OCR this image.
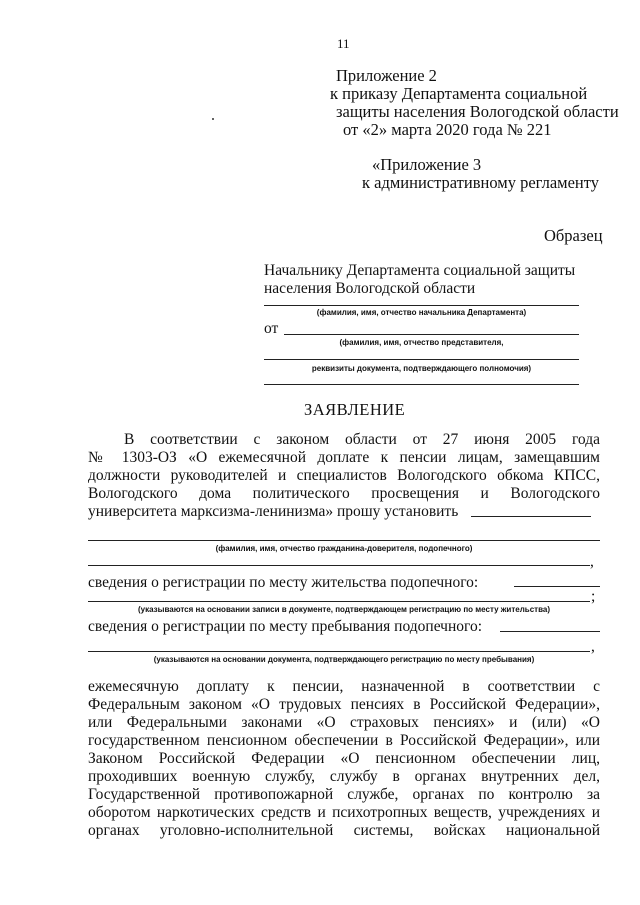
11
Приложение 2
к приказу Департамента социальной
защиты населения Вологодской области
от «2» марта 2020 года № 221
«Приложение 3
к административному регламенту
Образец
Начальнику Департамента социальной защиты
населения Вологодской области
(фамилия, имя, отчество начальника Департамента)
от
(фамилия, имя, отчество представителя,
реквизиты документа, подтверждающего полномочия)
ЗАЯВЛЕНИЕ
В соответствии с законом области от 27 июня 2005 года
№ 1303-ОЗ «О ежемесячной доплате к пенсии лицам, замещавшим
должности руководителей и специалистов Вологодского обкома КПСС,
Вологодского дома политического просвещения и Вологодского
университета марксизма-ленинизма» прошу установить
(фамилия, имя, отчество гражданина-доверителя, подопечного)
,
сведения о регистрации по месту жительства подопечного:
;
(указываются на основании записи в документе, подтверждающем регистрацию по месту жительства)
сведения о регистрации по месту пребывания подопечного:
,
(указываются на основании документа, подтверждающего регистрацию по месту пребывания)
ежемесячную доплату к пенсии, назначенной в соответствии с
Федеральным законом «О трудовых пенсиях в Российской Федерации»,
или Федеральными законами «О страховых пенсиях» и (или) «О
государственном пенсионном обеспечении в Российской Федерации», или
Законом Российской Федерации «О пенсионном обеспечении лиц,
проходивших военную службу, службу в органах внутренних дел,
Государственной противопожарной службе, органах по контролю за
оборотом наркотических средств и психотропных веществ, учреждениях и
органах уголовно-исполнительной системы, войсках национальной
